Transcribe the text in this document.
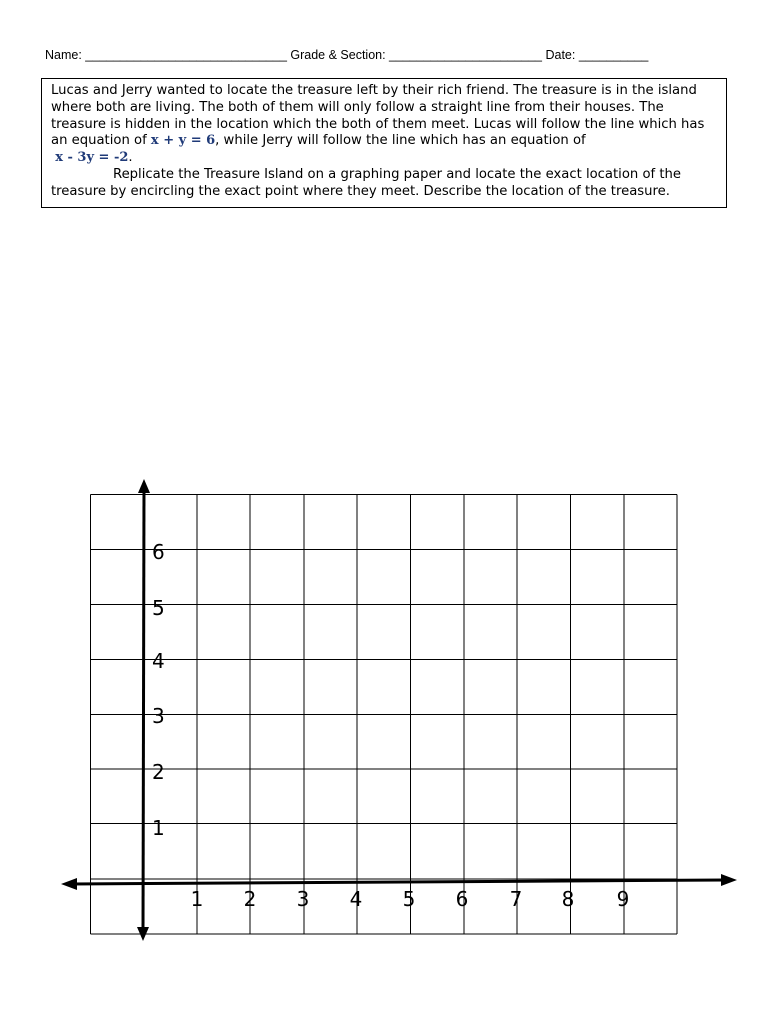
Name: _____________________________ Grade & Section: ______________________ Date: __________
Lucas and Jerry wanted to locate the treasure left by their rich friend. The treasure is in the island where both are living. The both of them will only follow a straight line from their houses. The treasure is hidden in the location which the both of them meet. Lucas will follow the line which has an equation of x + y = 6, while Jerry will follow the line which has an equation of
x - 3y = -2.
Replicate the Treasure Island on a graphing paper and locate the exact location of the treasure by encircling the exact point where they meet. Describe the location of the treasure.
1 2 3 4 5 6 7 8 9
1
2
3
4
5
6
